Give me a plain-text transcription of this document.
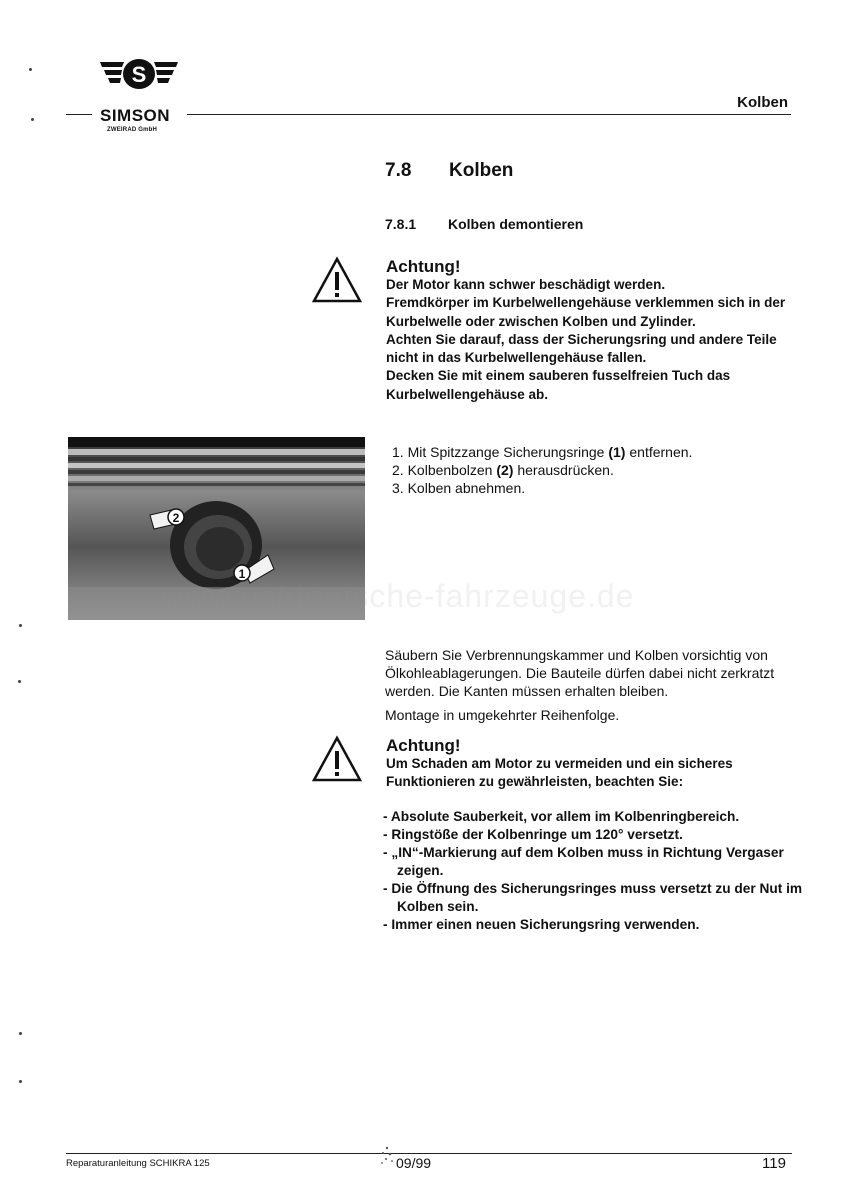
S
SIMSON
ZWEIRAD GmbH
Kolben
7.8 Kolben
7.8.1 Kolben demontieren
Achtung!

Der Motor kann schwer beschädigt werden.

Fremdkörper im Kurbelwellengehäuse verklemmen sich in der Kurbelwelle oder zwischen Kolben und Zylinder.

Achten Sie darauf, dass der Sicherungsring und andere Teile nicht in das Kurbelwellengehäuse fallen.

Decken Sie mit einem sauberen fusselfreien Tuch das Kurbelwellengehäuse ab.

2
1
1. Mit Spitzzange Sicherungsringe (1) entfernen.
2. Kolbenbolzen (2) herausdrücken.
3. Kolben abnehmen.
www.ostdeutsche-fahrzeuge.de
Säubern Sie Verbrennungskammer und Kolben vorsichtig von Ölkohleablagerungen. Die Bauteile dürfen dabei nicht zerkratzt werden. Die Kanten müssen erhalten bleiben.
Montage in umgekehrter Reihenfolge.
Achtung!
Um Schaden am Motor zu vermeiden und ein sicheres Funktionieren zu gewährleisten, beachten Sie:
- Absolute Sauberkeit, vor allem im Kolbenringbereich.
- Ringstöße der Kolbenringe um 120° versetzt.
- „IN“-Markierung auf dem Kolben muss in Richtung Vergaser zeigen.
- Die Öffnung des Sicherungsringes muss versetzt zu der Nut im Kolben sein.
- Immer einen neuen Sicherungsring verwenden.
Reparaturanleitung SCHIKRA 125	09/99	119
